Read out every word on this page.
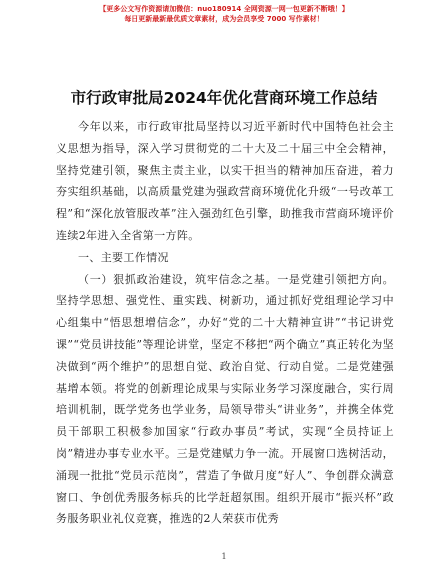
【更多公文写作资源请加微信：nuo180914 全网资源一网一包更新不断哦！】
每日更新最新最优质文章素材，成为会员享受 7000 写作素材！
市行政审批局2024年优化营商环境工作总结

今年以来，市行政审批局坚持以习近平新时代中国特色社会主义思想为指导，深入学习贯彻党的二十大及二十届三中全会精神，坚持党建引领，聚焦主责主业，以实干担当的精神加压奋进，着力夯实组织基础，以高质量党建为强政营商环境优化升级“一号改革工程”和“深化放管服改革”注入强劲红色引擎，助推我市营商环境评价连续2年进入全省第一方阵。

一、主要工作情况

（一）狠抓政治建设，筑牢信念之基。一是党建引领把方向。坚持学思想、强党性、重实践、树新功，通过抓好党组理论学习中心组集中“悟思想增信念”，办好“党的二十大精神宣讲”“书记讲党课”“党员讲技能”等理论讲堂，坚定不移把“两个确立”真正转化为坚决做到“两个维护”的思想自觉、政治自觉、行动自觉。二是党建强基增本领。将党的创新理论成果与实际业务学习深度融合，实行周培训机制，既学党务也学业务，局领导带头“讲业务”，并携全体党员干部职工积极参加国家“行政办事员”考试，实现“全员持证上岗”精进办事专业水平。三是党建赋力争一流。开展窗口选树活动，涌现一批批“党员示范岗”，营造了争做月度“好人”、争创群众满意窗口、争创优秀服务标兵的比学赶超氛围。组织开展市“振兴杯”政务服务职业礼仪竞赛，推选的2人荣获市优秀

1
